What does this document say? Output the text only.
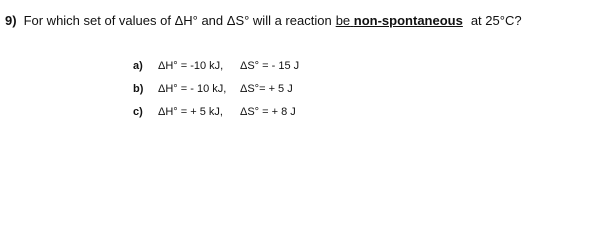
9) For which set of values of ΔH° and ΔS° will a reaction be non-spontaneous at 25°C?
a) ΔH° = -10 kJ, ΔS° = - 15 J
b) ΔH° = - 10 kJ, ΔS°= + 5 J
c) ΔH° = + 5 kJ, ΔS° = + 8 J
